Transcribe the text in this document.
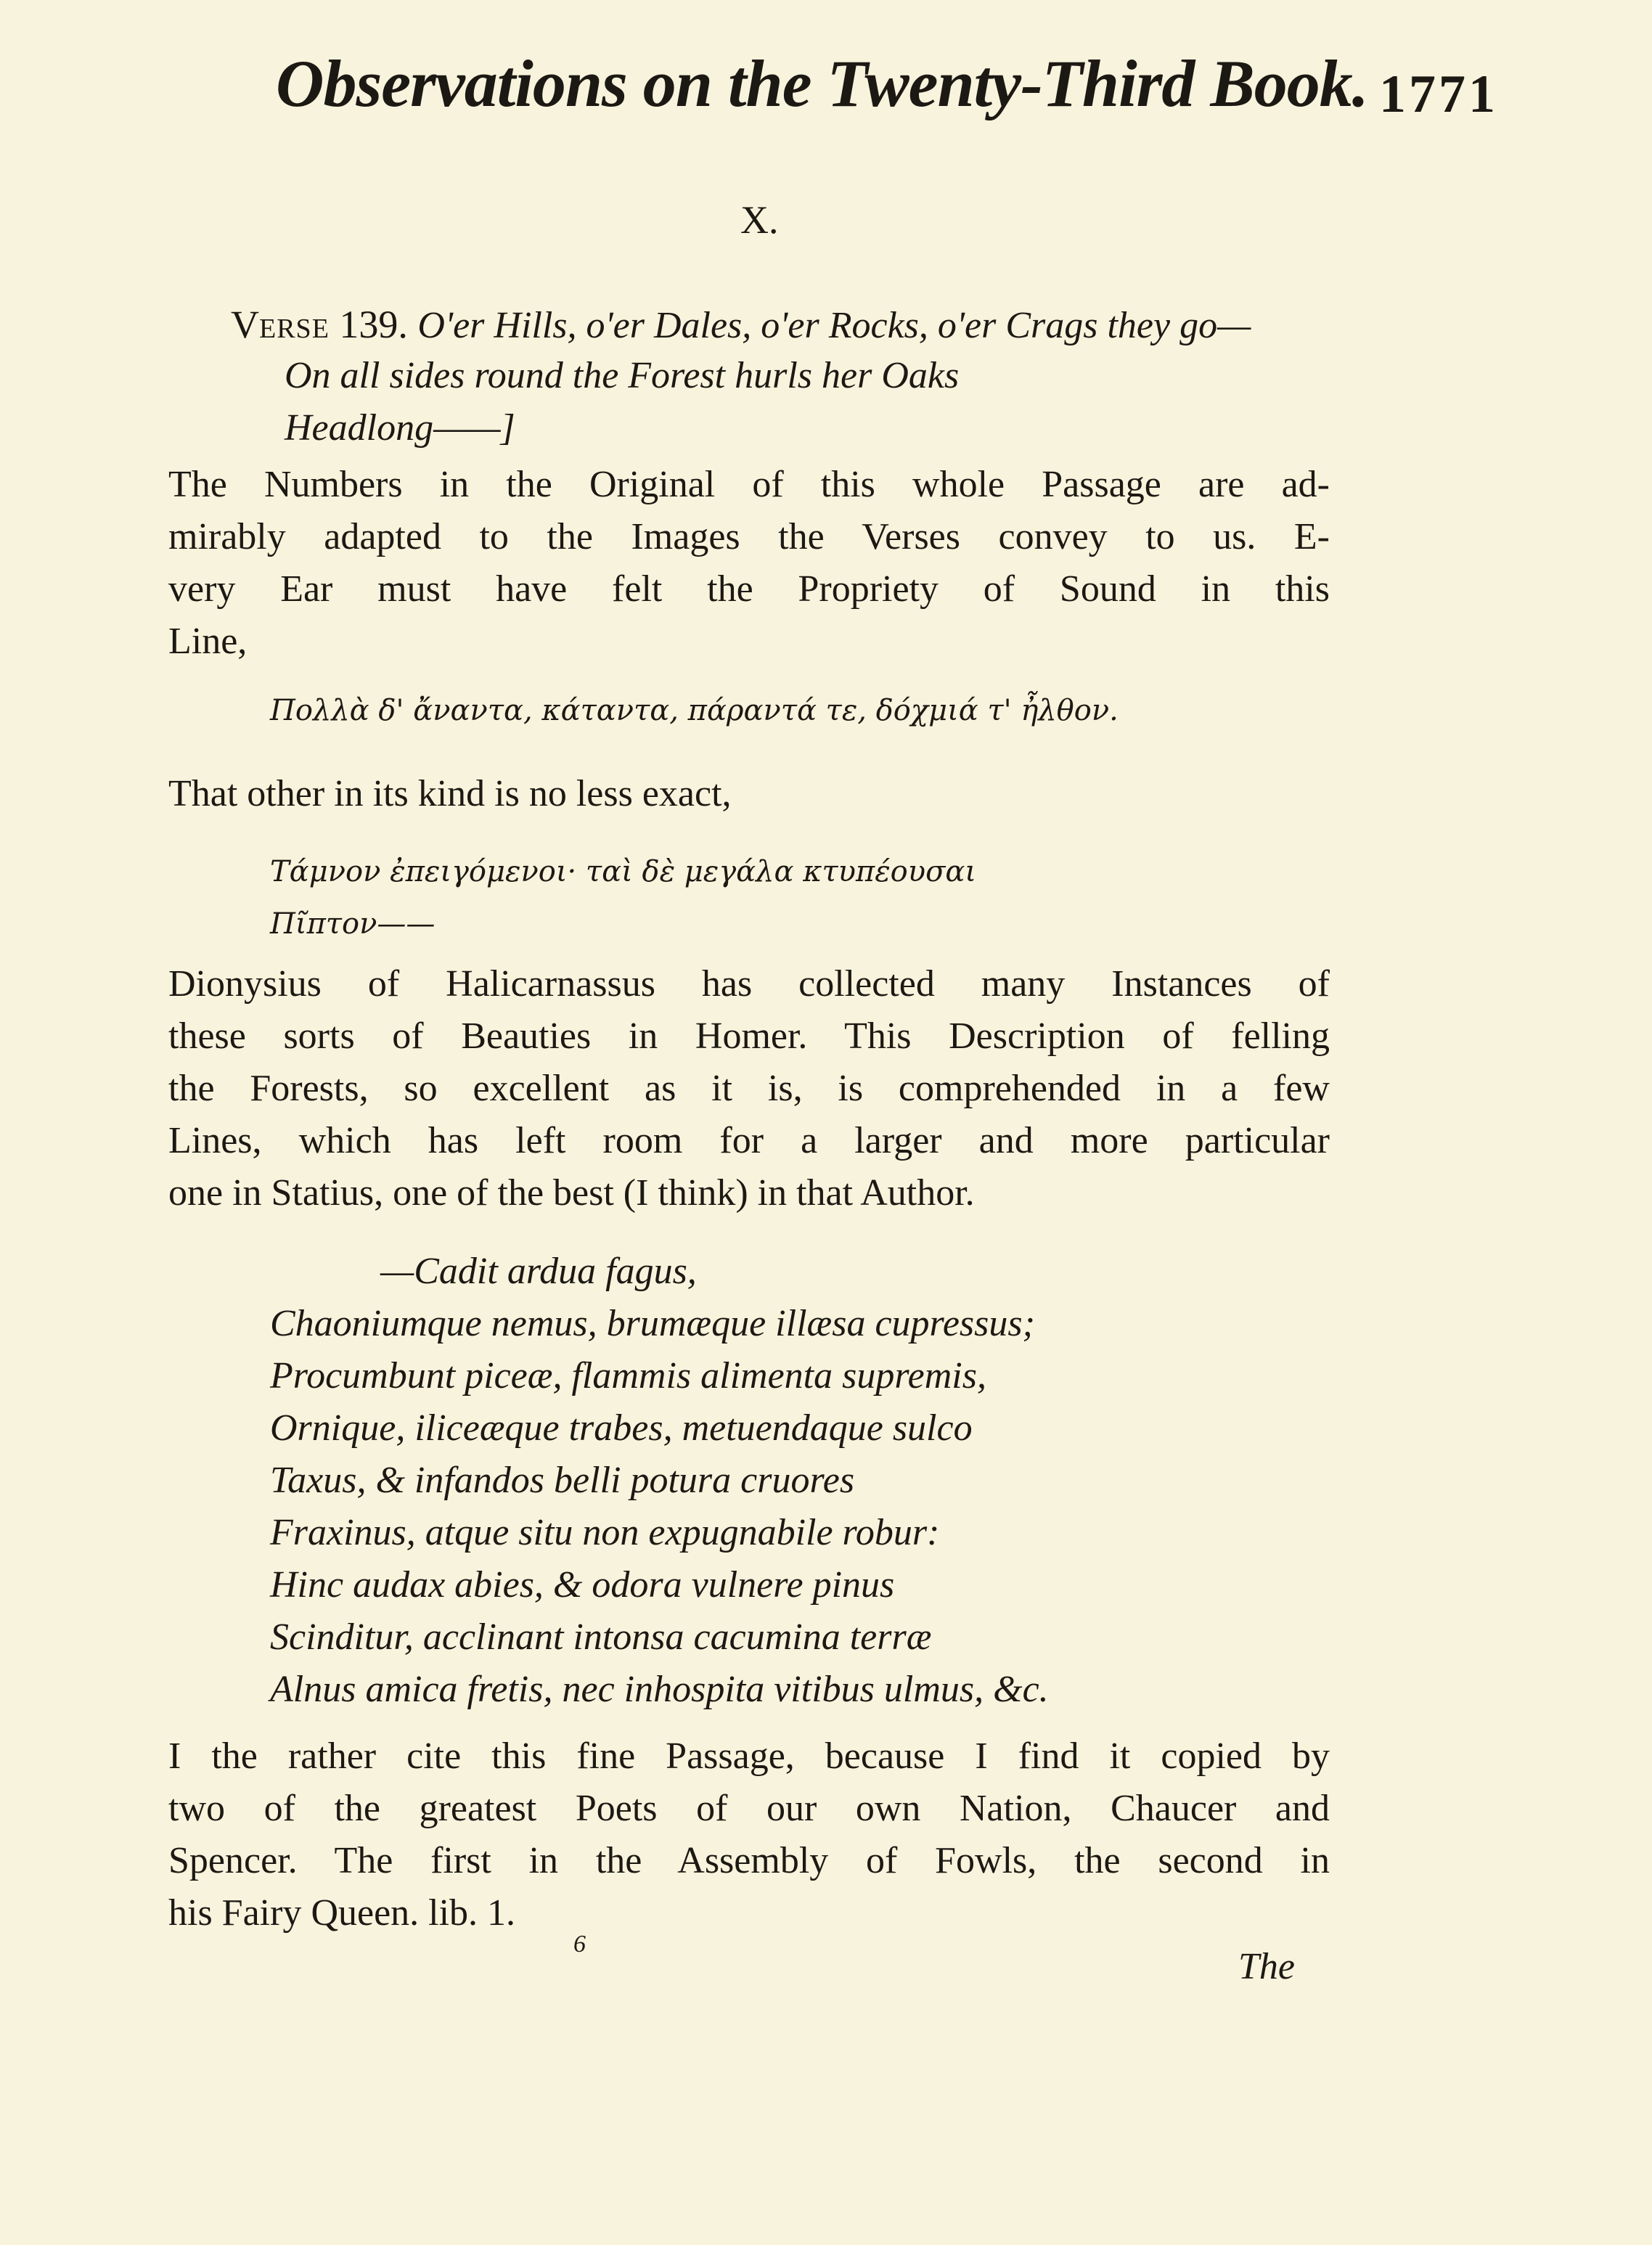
Observations on the Twenty-Third Book. 1771
X.
VERSE 139. O'er Hills, o'er Dales, o'er Rocks, o'er Crags they go—
On all sides round the Forest hurls her Oaks
Headlong——]
The Numbers in the Original of this whole Passage are ad-
mirably adapted to the Images the Verses convey to us. E-
very Ear must have felt the Propriety of Sound in this
Line,
Πολλὰ δ' ἄναντα, κάταντα, πάραντά τε, δόχμιά τ' ἦλθον.
That other in its kind is no less exact,
Τάμνον ἐπειγόμενοι· ταὶ δὲ μεγάλα κτυπέουσαι
Πῖπτον——
Dionysius of Halicarnassus has collected many Instances of
these sorts of Beauties in Homer. This Description of felling
the Forests, so excellent as it is, is comprehended in a few
Lines, which has left room for a larger and more particular
one in Statius, one of the best (I think) in that Author.
—Cadit ardua fagus,
Chaoniumque nemus, brumæque illæsa cupressus;
Procumbunt piceæ, flammis alimenta supremis,
Ornique, iliceæque trabes, metuendaque sulco
Taxus, & infandos belli potura cruores
Fraxinus, atque situ non expugnabile robur:
Hinc audax abies, & odora vulnere pinus
Scinditur, acclinant intonsa cacumina terræ
Alnus amica fretis, nec inhospita vitibus ulmus, &c.
I the rather cite this fine Passage, because I find it copied by
two of the greatest Poets of our own Nation, Chaucer and
Spencer. The first in the Assembly of Fowls, the second in
his Fairy Queen. lib. 1.
6
The
